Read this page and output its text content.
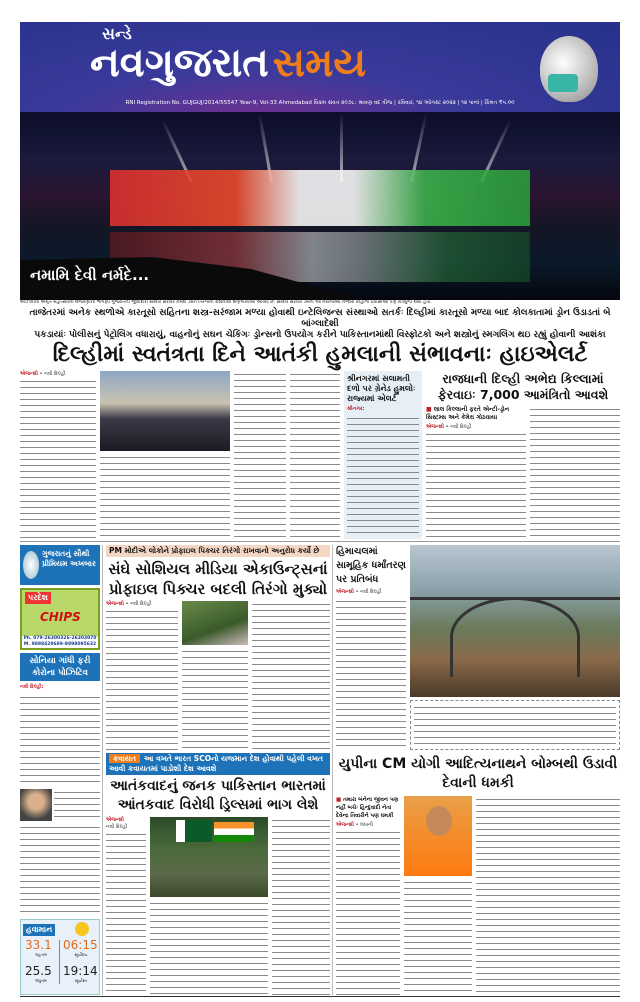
સન્ડે
નવગુજરાત સમય
RNI Registration No. GUJGUJ/2014/55547 Year-9, Vol-33 Ahmedabad વિક્રમ સંવત ૨૦૭૮: શ્રાવણ વદ ત્રીજ | રવિવાર, ૧૪ ઓગસ્ટ ૨૦૨૨ | ૧૨ પાનાં | કિંમત ₹૫.૦૦
નમામિ દેવી નર્મદે...
આઝાદીના અમૃત મહોત્સવની ઉજવણીના ભાગરૂપે ગુજરાતની જીવાદોરી સરદાર સરોવર નર્મદા ડેમને તિરંગાની રોશનીથી શણગારવામાં આવ્યો છે. સરદાર સરોવર ડેમનો આ નયનરમ્ય નજારો નિહાળી પ્રવાસીઓ પણ મંત્રમુગ્ધ થયા હતા.
તાજેતરમાં અનેક સ્થળોએ કારતૂસો સહિતના શસ્ત્ર-સરંજામ મળ્યા હોવાથી ઇન્ટેલિજન્સ સંસ્થાઓ સતર્કઃ દિલ્હીમાં કારતૂસો મળ્યા બાદ કોલકાતામાં ડ્રોન ઉડાડતાં બે બાંગ્લાદેશી
પકડાયાંઃ પોલીસનું પેટ્રોલિંગ વધારાયું, વાહનોનું સઘન ચેકિંગઃ ડ્રોન્સનો ઉપયોગ કરીને પાકિસ્તાનમાંથી વિસ્ફોટકો અને શસ્ત્રોનું સ્મગલિંગ થઇ રહ્યું હોવાની આશંકા
દિલ્હીમાં સ્વતંત્રતા દિને આતંકી હુમલાની સંભાવનાઃ હાઇએલર્ટ
એજન્સી • નવી દિલ્હી	શ્રીનગરમાં સલામતી દળો પર ગ્રેનેડ હુમલોઃ રાજ્યમાં એલર્ટ
શ્રીનગર:
રાજધાની દિલ્હી અભેદ્ય કિલ્લામાં ફેરવાઇઃ 7,000 આમંત્રિતો આવશે
■ લાલ કિલ્લાની ફરતે એન્ટી-ડ્રોન સિસ્ટમ્સ અને કેમેરા ગોઠવાયા
એજન્સી • નવી દિલ્હી
ગુજરાતનું સૌથી પ્રીમિયમ અખબાર
પરદેશ
CHIPS
Ph. 079-26300326-26303070 M. 9898429689-9898095632
સોનિયા ગાંધી ફરી કોરોના પોઝિટિવ
નવી દિલ્હી:
હવામાન
33.1
મહત્તમ
06:15
સૂર્યોદય
25.5
લઘુત્તમ
19:14
સૂર્યાસ્ત
PM મોદીએ લોકોને પ્રોફાઇલ પિક્ચર તિરંગો રાખવાનો અનુરોધ કર્યો છે
સંઘે સોશિયલ મીડિયા એકાઉન્ટ્સનાં પ્રોફાઇલ પિક્ચર બદલી તિરંગો મુક્યો
એજન્સી • નવી દિલ્હી
કવાયત આ વખતે ભારત SCOનો યજમાન દેશ હોવાથી પહેલી વખત આવી કવાયતમાં પાડોશી દેશ આવશે
આતંકવાદનું જનક પાકિસ્તાન ભારતમાં આંતકવાદ વિરોધી ડ્રિલ્સમાં ભાગ લેશે
એજન્સી
નવી દિલ્હી
હિમાચલમાં સામૂહિક ધર્માંતરણ પર પ્રતિબંધ
એજન્સી • નવી દિલ્હી
યુપીના CM યોગી આદિત્યનાથને બોમ્બથી ઉડાવી દેવાની ધમકી
■ તમારા બંનેના જીવન પણ નહીં બચેઃ હિન્દુવાદી નેતા દેવેન્દ્ર તિવારીને પણ ધમકી
એજન્સી • લખનૌ
